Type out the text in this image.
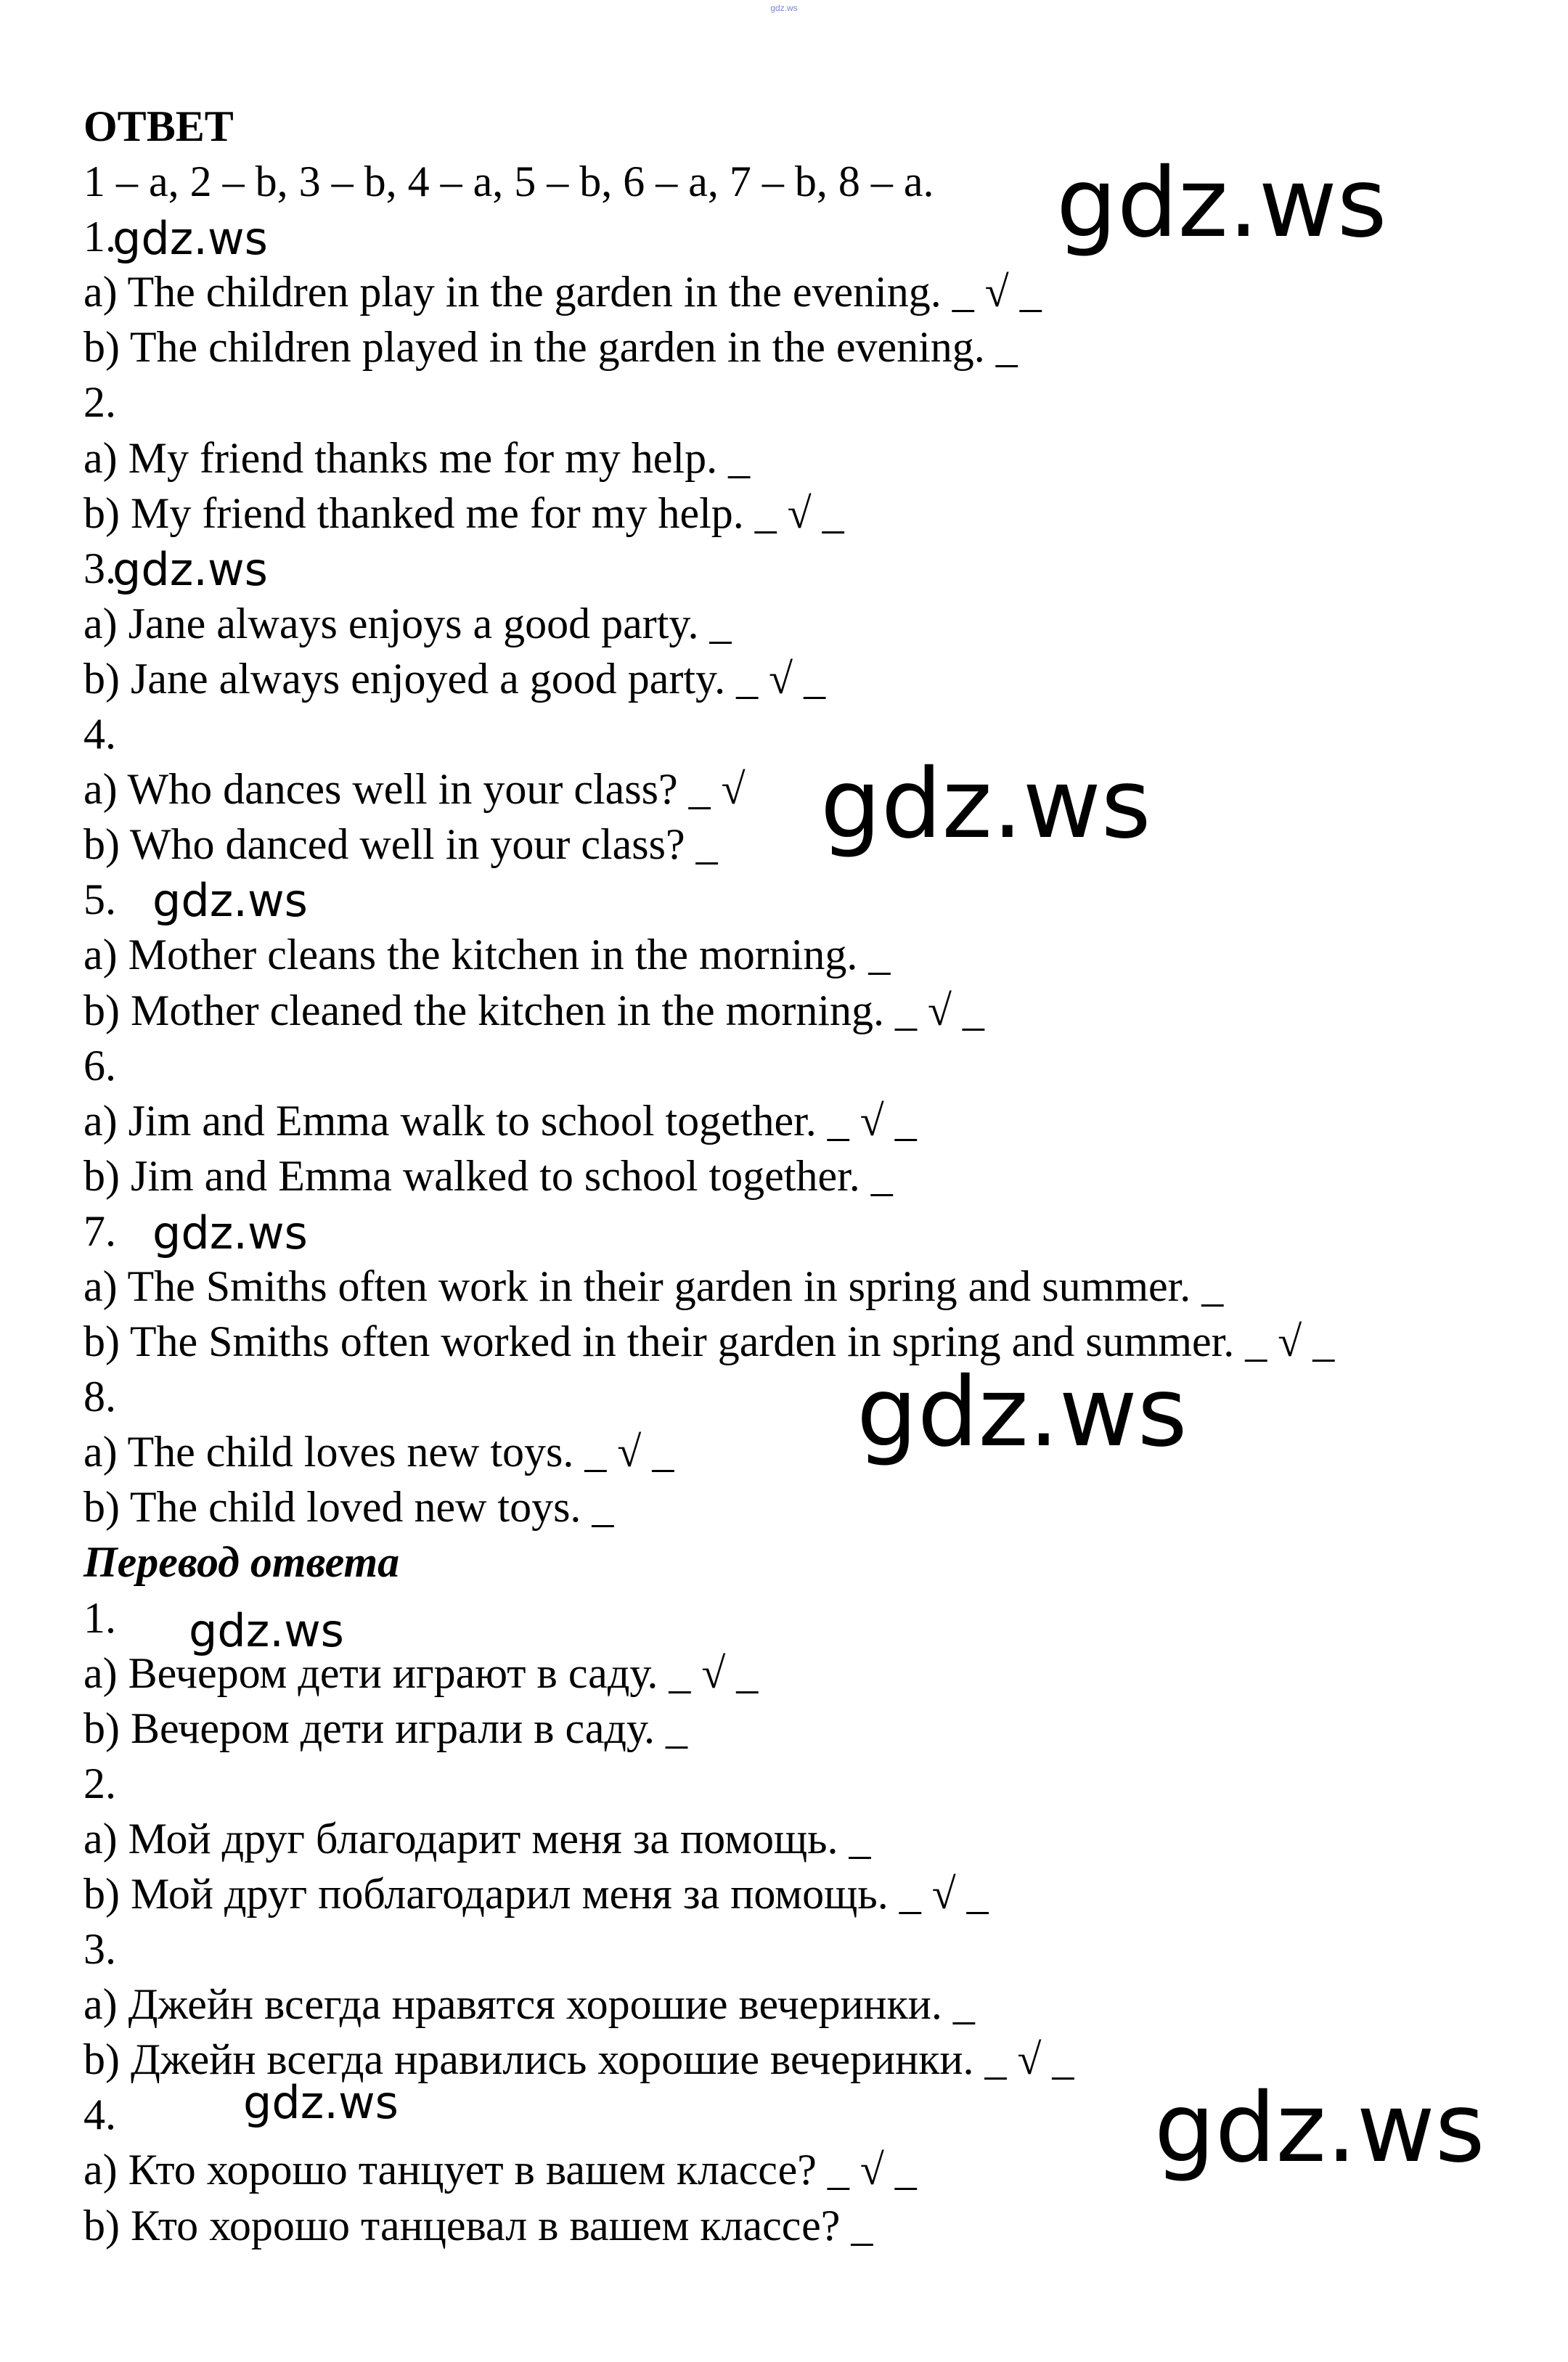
gdz.ws
ОТВЕТ
1 – a, 2 – b, 3 – b, 4 – a, 5 – b, 6 – a, 7 – b, 8 – a.
1.
a) The children play in the garden in the evening. _ √ _
b) The children played in the garden in the evening. _
2.
a) My friend thanks me for my help. _
b) My friend thanked me for my help. _ √ _
3.
a) Jane always enjoys a good party. _
b) Jane always enjoyed a good party. _ √ _
4.
a) Who dances well in your class? _ √
b) Who danced well in your class? _
5.
a) Mother cleans the kitchen in the morning. _
b) Mother cleaned the kitchen in the morning. _ √ _
6.
a) Jim and Emma walk to school together. _ √ _
b) Jim and Emma walked to school together. _
7.
a) The Smiths often work in their garden in spring and summer. _
b) The Smiths often worked in their garden in spring and summer. _ √ _
8.
a) The child loves new toys. _ √ _
b) The child loved new toys. _
Перевод ответа
1.
a) Вечером дети играют в саду. _ √ _
b) Вечером дети играли в саду. _
2.
a) Мой друг благодарит меня за помощь. _
b) Мой друг поблагодарил меня за помощь. _ √ _
3.
a) Джейн всегда нравятся хорошие вечеринки. _
b) Джейн всегда нравились хорошие вечеринки. _ √ _
4.
a) Кто хорошо танцует в вашем классе? _ √ _
b) Кто хорошо танцевал в вашем классе? _
gdz.ws
gdz.ws
gdz.ws
gdz.ws
gdz.ws
gdz.ws
gdz.ws
gdz.ws
gdz.ws	gdz.ws
